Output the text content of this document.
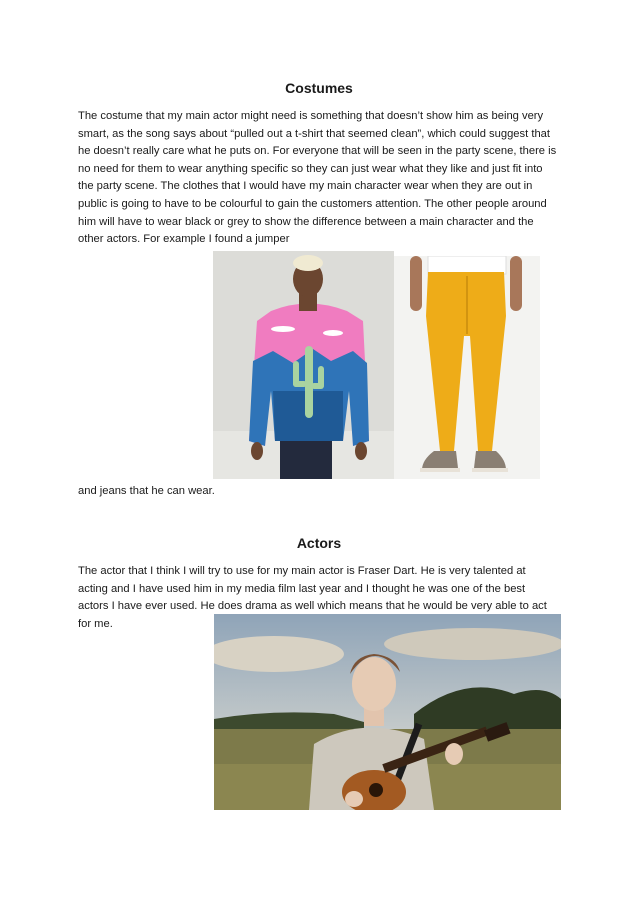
Costumes

The costume that my main actor might need is something that doesn’t show him as being very smart, as the song says about “pulled out a t-shirt that seemed clean”, which could suggest that he doesn’t really care what he puts on. For everyone that will be seen in the party scene, there is no need for them to wear anything specific so they can just wear what they like and just fit into the party scene. The clothes that I would have my main character wear when they are out in public is going to have to be colourful to gain the customers attention. The other people around him will have to wear black or grey to show the difference between a main character and the other actors. For example I found a jumper

and jeans that he can wear.

Actors

The actor that I think I will try to use for my main actor is Fraser Dart. He is very talented at acting and I have used him in my media film last year and I thought he was one of the best actors I have ever used. He does drama as well which means that he would be very able to act for me.
